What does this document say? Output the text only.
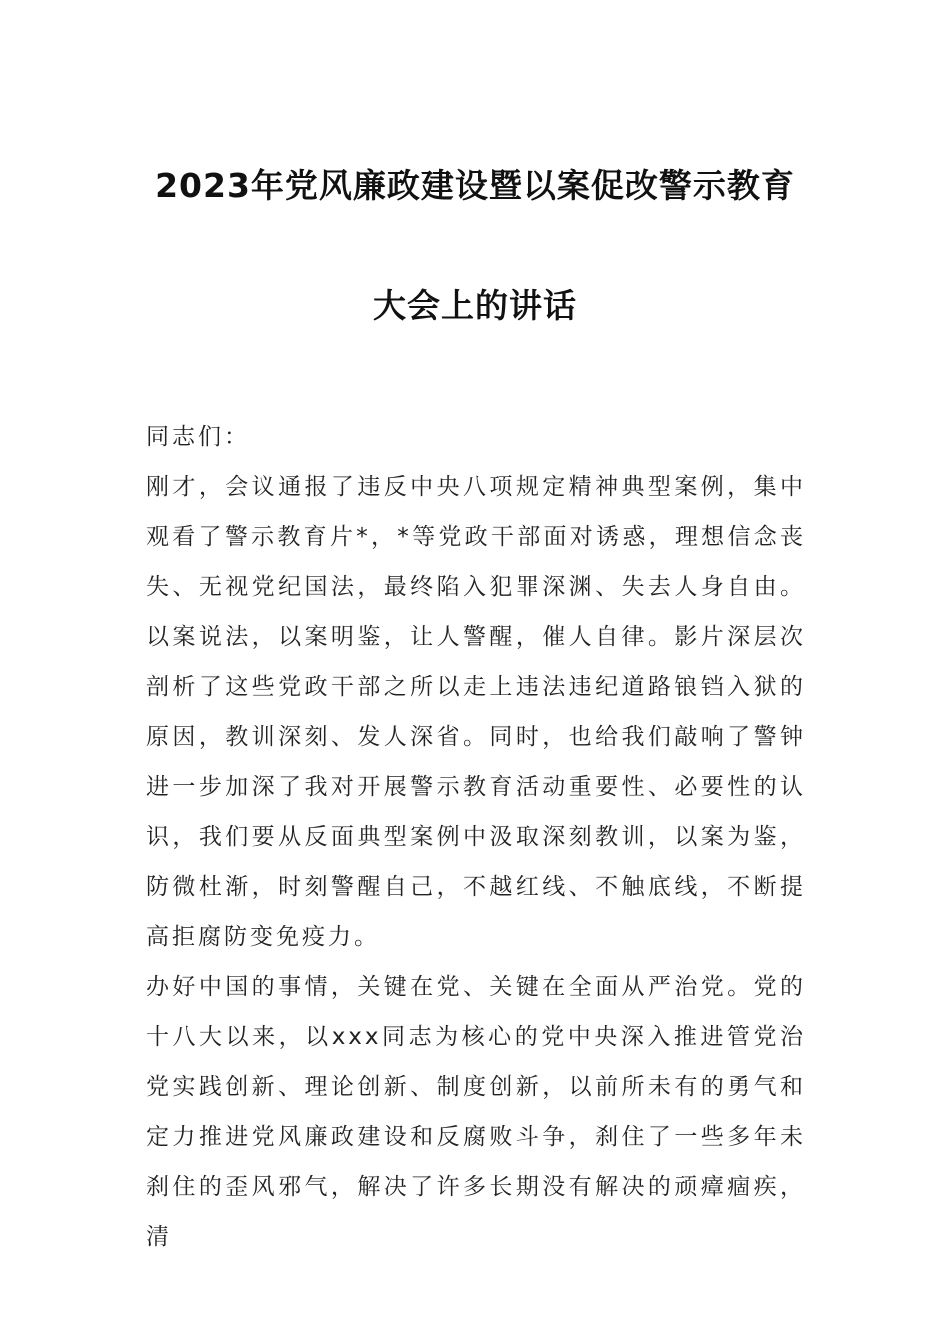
2023年党风廉政建设暨以案促改警示教育
大会上的讲话

同志们：

刚才，会议通报了违反中央八项规定精神典型案例，集中观看了警示教育片*，*等党政干部面对诱惑，理想信念丧失、无视党纪国法，最终陷入犯罪深渊、失去人身自由。以案说法，以案明鉴，让人警醒，催人自律。影片深层次剖析了这些党政干部之所以走上违法违纪道路锒铛入狱的原因，教训深刻、发人深省。同时，也给我们敲响了警钟进一步加深了我对开展警示教育活动重要性、必要性的认识，我们要从反面典型案例中汲取深刻教训，以案为鉴，防微杜渐，时刻警醒自己，不越红线、不触底线，不断提高拒腐防变免疫力。

办好中国的事情，关键在党、关键在全面从严治党。党的十八大以来，以xxx同志为核心的党中央深入推进管党治党实践创新、理论创新、制度创新，以前所未有的勇气和定力推进党风廉政建设和反腐败斗争，刹住了一些多年未刹住的歪风邪气，解决了许多长期没有解决的顽瘴痼疾，清
